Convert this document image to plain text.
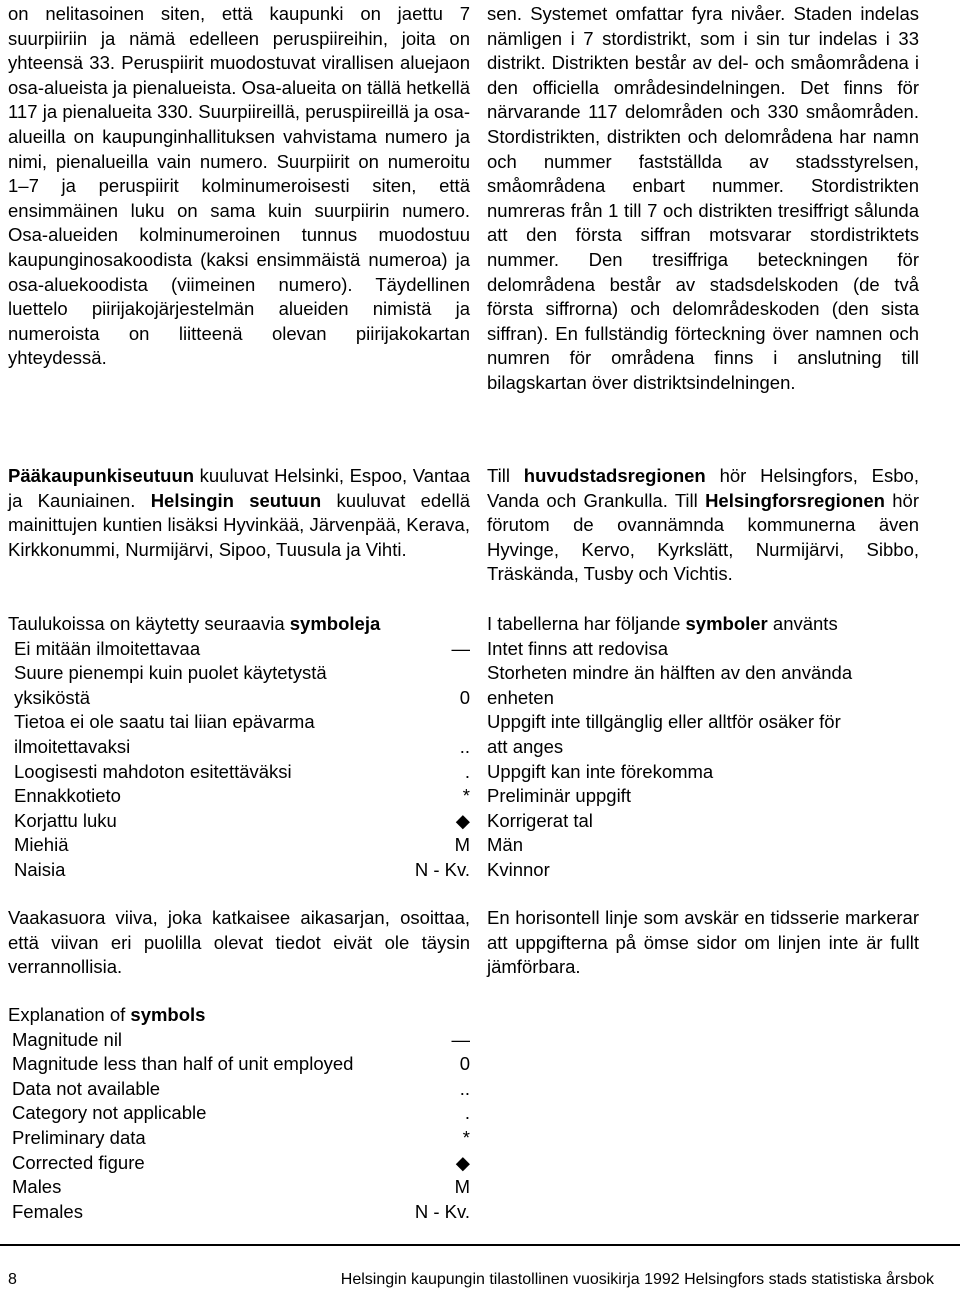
on nelitasoinen siten, että kaupunki on jaettu 7 suurpiiriin ja nämä edelleen peruspiireihin, joita on yhteensä 33. Peruspiirit muodostuvat virallisen aluejaon osa-alueista ja pienalueista. Osa-alueita on tällä hetkellä 117 ja pienalueita 330. Suurpiireillä, peruspiireillä ja osa-alueilla on kaupunginhallituksen vahvistama numero ja nimi, pienalueilla vain numero. Suurpiirit on numeroitu 1–7 ja peruspiirit kolminumeroisesti siten, että ensimmäinen luku on sama kuin suurpiirin numero. Osa-alueiden kolminumeroinen tunnus muodostuu kaupunginosakoodista (kaksi ensimmäistä numeroa) ja osa-aluekoodista (viimeinen numero). Täydellinen luettelo piirijakojärjestelmän alueiden nimistä ja numeroista on liitteenä olevan piirijakokartan yhteydessä.

sen. Systemet omfattar fyra nivåer. Staden indelas nämligen i 7 stordistrikt, som i sin tur indelas i 33 distrikt. Distrikten består av del- och småområdena i den officiella områdesindelningen. Det finns för närvarande 117 delområden och 330 småområden. Stordistrikten, distrikten och delområdena har namn och nummer fastställda av stadsstyrelsen, småområdena enbart nummer. Stordistrikten numreras från 1 till 7 och distrikten tresiffrigt sålunda att den första siffran motsvarar stordistriktets nummer. Den tresiffriga beteckningen för delområdena består av stadsdelskoden (de två första siffrorna) och delområdeskoden (den sista siffran). En fullständig förteckning över namnen och numren för områdena finns i anslutning till bilagskartan över distriktsindelningen.

Pääkaupunkiseutuun kuuluvat Helsinki, Espoo, Vantaa ja Kauniainen. Helsingin seutuun kuuluvat edellä mainittujen kuntien lisäksi Hyvinkää, Järvenpää, Kerava, Kirkkonummi, Nurmijärvi, Sipoo, Tuusula ja Vihti.

Till huvudstadsregionen hör Helsingfors, Esbo, Vanda och Grankulla. Till Helsingforsregionen hör förutom de ovannämnda kommunerna även Hyvinge, Kervo, Kyrkslätt, Nurmijärvi, Sibbo, Träskända, Tusby och Vichtis.

Taulukoissa on käytetty seuraavia symboleja
Ei mitään ilmoitettavaa	—
Suure pienempi kuin puolet käytetystä
yksiköstä	0
Tietoa ei ole saatu tai liian epävarma
ilmoitettavaksi	..
Loogisesti mahdoton esitettäväksi	.
Ennakkotieto	*
Korjattu luku	◆
Miehiä	M
Naisia	N - Kv.
I tabellerna har följande symboler använts
Intet finns att redovisa
Storheten mindre än hälften av den använda
enheten
Uppgift inte tillgänglig eller alltför osäker för
att anges
Uppgift kan inte förekomma
Preliminär uppgift
Korrigerat tal
Män
Kvinnor

Vaakasuora viiva, joka katkaisee aikasarjan, osoittaa, että viivan eri puolilla olevat tiedot eivät ole täysin verrannollisia.

En horisontell linje som avskär en tidsserie markerar att uppgifterna på ömse sidor om linjen inte är fullt jämförbara.

Explanation of symbols
Magnitude nil	—
Magnitude less than half of unit employed	0
Data not available	..
Category not applicable	.
Preliminary data	*
Corrected figure	◆
Males	M
Females	N - Kv.
8	Helsingin kaupungin tilastollinen vuosikirja 1992 Helsingfors stads statistiska årsbok
